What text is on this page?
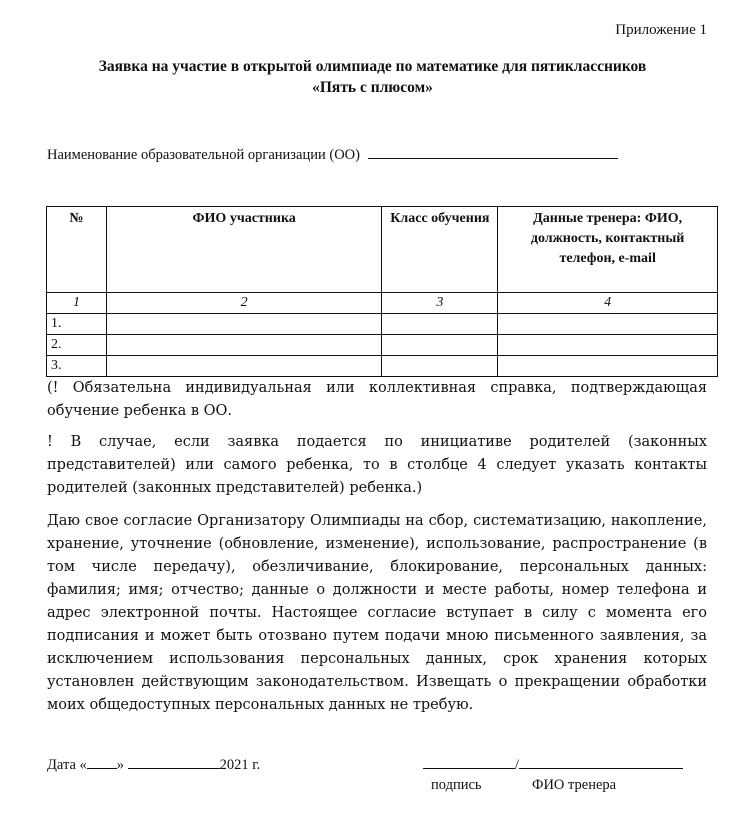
Приложение 1
Заявка на участие в открытой олимпиаде по математике для пятиклассников
«Пять с плюсом»
Наименование образовательной организации (ОО)
№	ФИО участника	Класс обучения	Данные тренера: ФИО, должность, контактный телефон, e-mail
1	2	3	4
1.			
2.			
3.			
(! Обязательна индивидуальная или коллективная справка, подтверждающая обучение ребенка в ОО.
! В случае, если заявка подается по инициативе родителей (законных представителей) или самого ребенка, то в столбце 4 следует указать контакты родителей (законных представителей) ребенка.)
Даю свое согласие Организатору Олимпиады на сбор, систематизацию, накопление, хранение, уточнение (обновление, изменение), использование, распространение (в том числе передачу), обезличивание, блокирование, персональных данных: фамилия; имя; отчество; данные о должности и месте работы, номер телефона и адрес электронной почты. Настоящее согласие вступает в силу с момента его подписания и может быть отозвано путем подачи мною письменного заявления, за исключением использования персональных данных, срок хранения которых установлен действующим законодательством. Извещать о прекращении обработки моих общедоступных персональных данных не требую.
Дата « »	2021 г.	/
подпись	ФИО тренера
